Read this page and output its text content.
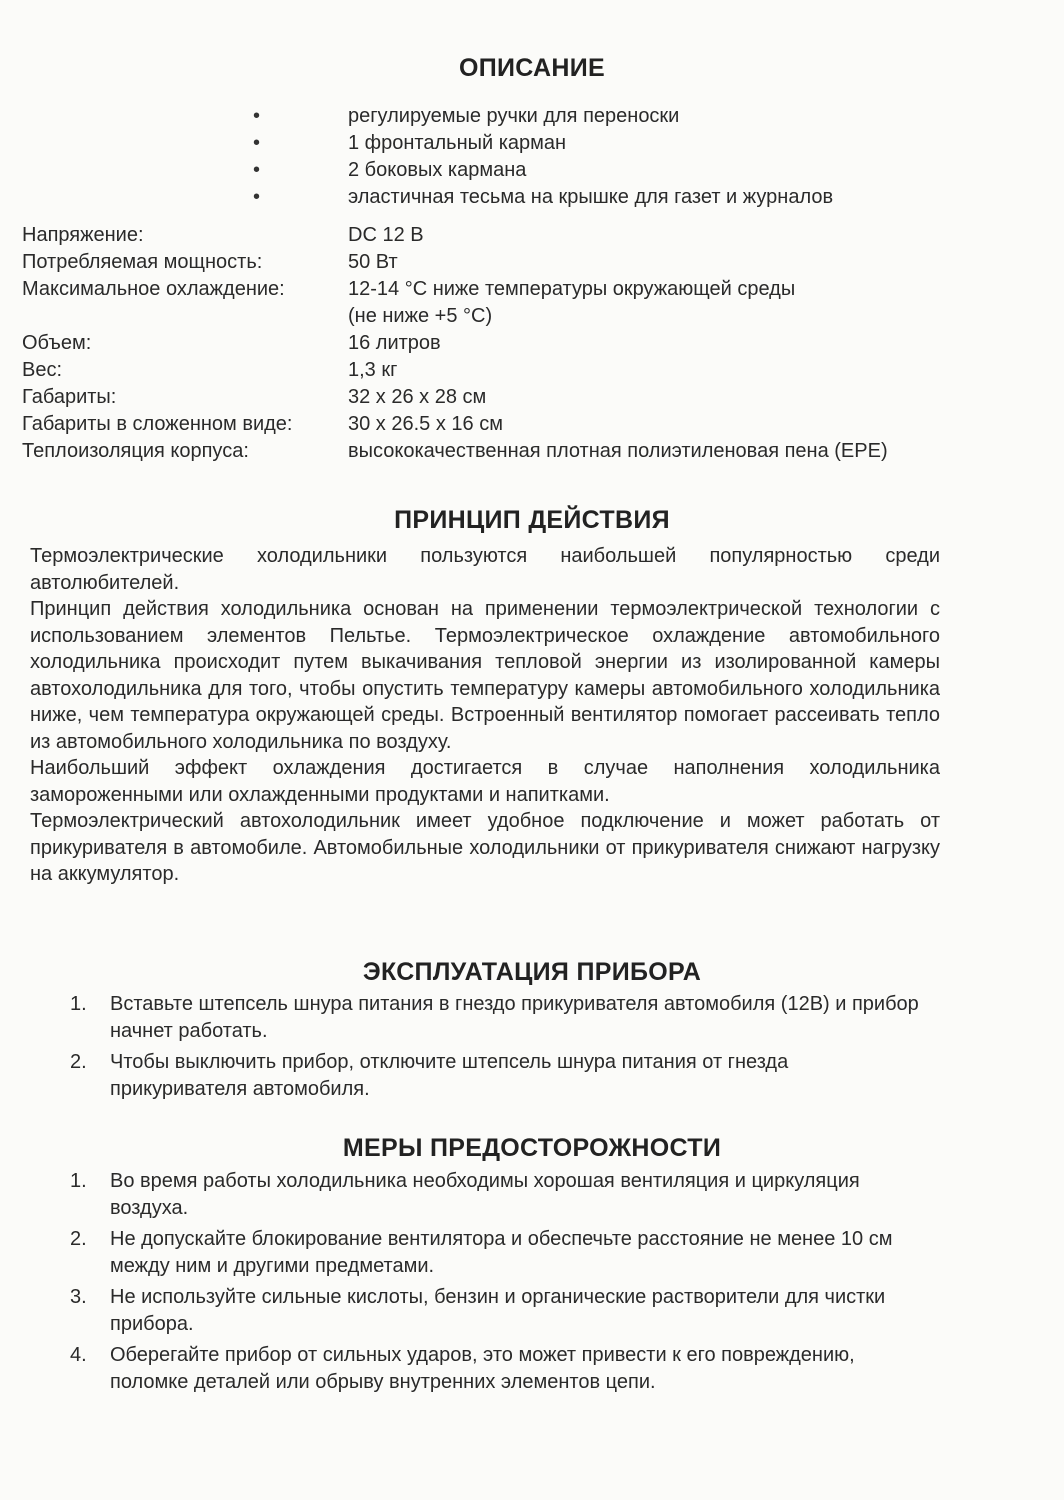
ОПИСАНИЕ
•	регулируемые ручки для переноски
•	1 фронтальный карман
•	2 боковых кармана
•	эластичная тесьма на крышке для газет и журналов
Напряжение:	DC 12 В
Потребляемая мощность:	50 Вт
Максимальное охлаждение:	12-14 °С ниже температуры окружающей среды
(не ниже +5 °С)
Объем:	16 литров
Вес:	1,3 кг
Габариты:	32 х 26 х 28 см
Габариты в сложенном виде:	30 х 26.5 х 16 см
Теплоизоляция корпуса:	высококачественная плотная полиэтиленовая пена (ЕРЕ)
ПРИНЦИП ДЕЙСТВИЯ

Термоэлектрические холодильники пользуются наибольшей популярностью среди автолюбителей.

Принцип действия холодильника основан на применении термоэлектрической технологии с использованием элементов Пельтье. Термоэлектрическое охлаждение автомобильного холодильника происходит путем выкачивания тепловой энергии из изолированной камеры автохолодильника для того, чтобы опустить температуру камеры автомобильного холодильника ниже, чем температура окружающей среды. Встроенный вентилятор помогает рассеивать тепло из автомобильного холодильника по воздуху.

Наибольший эффект охлаждения достигается в случае наполнения холодильника замороженными или охлажденными продуктами и напитками.

Термоэлектрический автохолодильник имеет удобное подключение и может работать от прикуривателя в автомобиле. Автомобильные холодильники от прикуривателя снижают нагрузку на аккумулятор.

ЭКСПЛУАТАЦИЯ ПРИБОРА
1.	Вставьте штепсель шнура питания в гнездо прикуривателя автомобиля (12В) и прибор начнет работать.
2.	Чтобы выключить прибор, отключите штепсель шнура питания от гнезда прикуривателя автомобиля.
МЕРЫ ПРЕДОСТОРОЖНОСТИ
1.	Во время работы холодильника необходимы хорошая вентиляция и циркуляция воздуха.
2.	Не допускайте блокирование вентилятора и обеспечьте расстояние не менее 10 см между ним и другими предметами.
3.	Не используйте сильные кислоты, бензин и органические растворители для чистки прибора.
4.	Оберегайте прибор от сильных ударов, это может привести к его повреждению, поломке деталей или обрыву внутренних элементов цепи.
